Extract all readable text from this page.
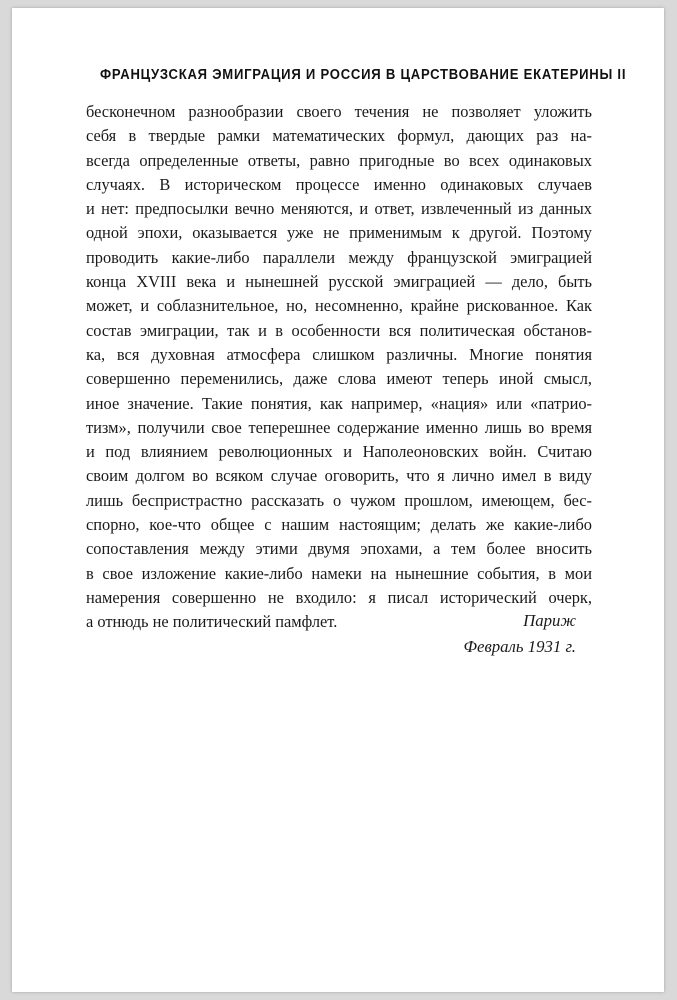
ФРАНЦУЗСКАЯ ЭМИГРАЦИЯ И РОССИЯ В ЦАРСТВОВАНИЕ ЕКАТЕРИНЫ II
бесконечном разнообразии своего течения не позволяет уложить
себя в твердые рамки математических формул, дающих раз на-
всегда определенные ответы, равно пригодные во всех одинаковых
случаях. В историческом процессе именно одинаковых случаев
и нет: предпосылки вечно меняются, и ответ, извлеченный из данных
одной эпохи, оказывается уже не применимым к другой. Поэтому
проводить какие-либо параллели между французской эмиграцией
конца XVIII века и нынешней русской эмиграцией — дело, быть
может, и соблазнительное, но, несомненно, крайне рискованное. Как
состав эмиграции, так и в особенности вся политическая обстанов-
ка, вся духовная атмосфера слишком различны. Многие понятия
совершенно переменились, даже слова имеют теперь иной смысл,
иное значение. Такие понятия, как например, «нация» или «патрио-
тизм», получили свое теперешнее содержание именно лишь во время
и под влиянием революционных и Наполеоновских войн. Считаю
своим долгом во всяком случае оговорить, что я лично имел в виду
лишь беспристрастно рассказать о чужом прошлом, имеющем, бес-
спорно, кое-что общее с нашим настоящим; делать же какие-либо
сопоставления между этими двумя эпохами, а тем более вносить
в свое изложение какие-либо намеки на нынешние события, в мои
намерения совершенно не входило: я писал исторический очерк,
а отнюдь не политический памфлет.	Париж
Февраль 1931 г.
